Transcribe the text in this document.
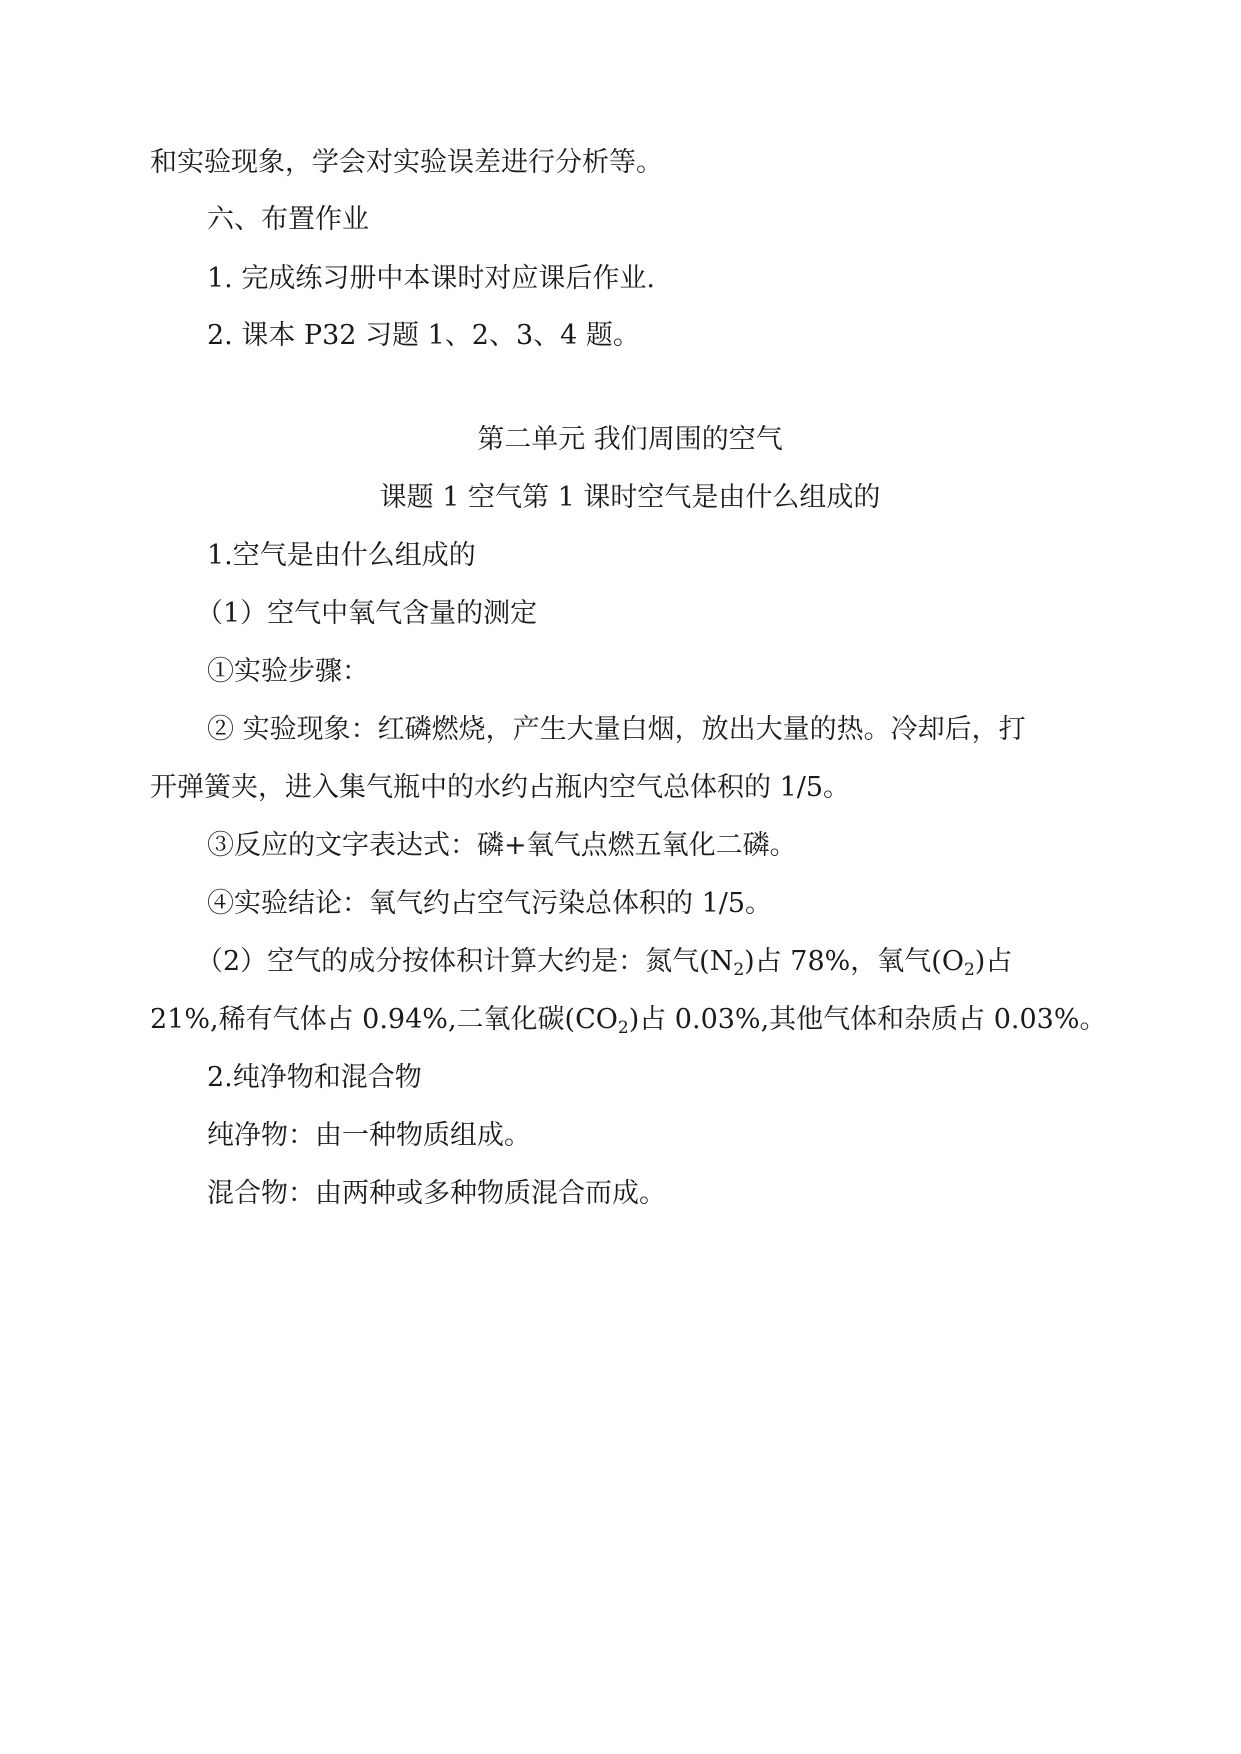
和实验现象，学会对实验误差进行分析等。
六、布置作业
1. 完成练习册中本课时对应课后作业.
2. 课本 P32 习题 1、2、3、4 题。
第二单元 我们周围的空气
课题 1 空气第 1 课时空气是由什么组成的
1.空气是由什么组成的
（1）空气中氧气含量的测定
①实验步骤：
② 实验现象：红磷燃烧，产生大量白烟，放出大量的热。冷却后，打
开弹簧夹，进入集气瓶中的水约占瓶内空气总体积的 1/5。
③反应的文字表达式：磷+氧气点燃五氧化二磷。
④实验结论：氧气约占空气污染总体积的 1/5。
（2）空气的成分按体积计算大约是：氮气$(N_2)$占 78%，氧气$(O_2)$占
21%,稀有气体占 0.94%,二氧化碳$(CO_2)$占 0.03%,其他气体和杂质占 0.03%。
2.纯净物和混合物
纯净物：由一种物质组成。
混合物：由两种或多种物质混合而成。
